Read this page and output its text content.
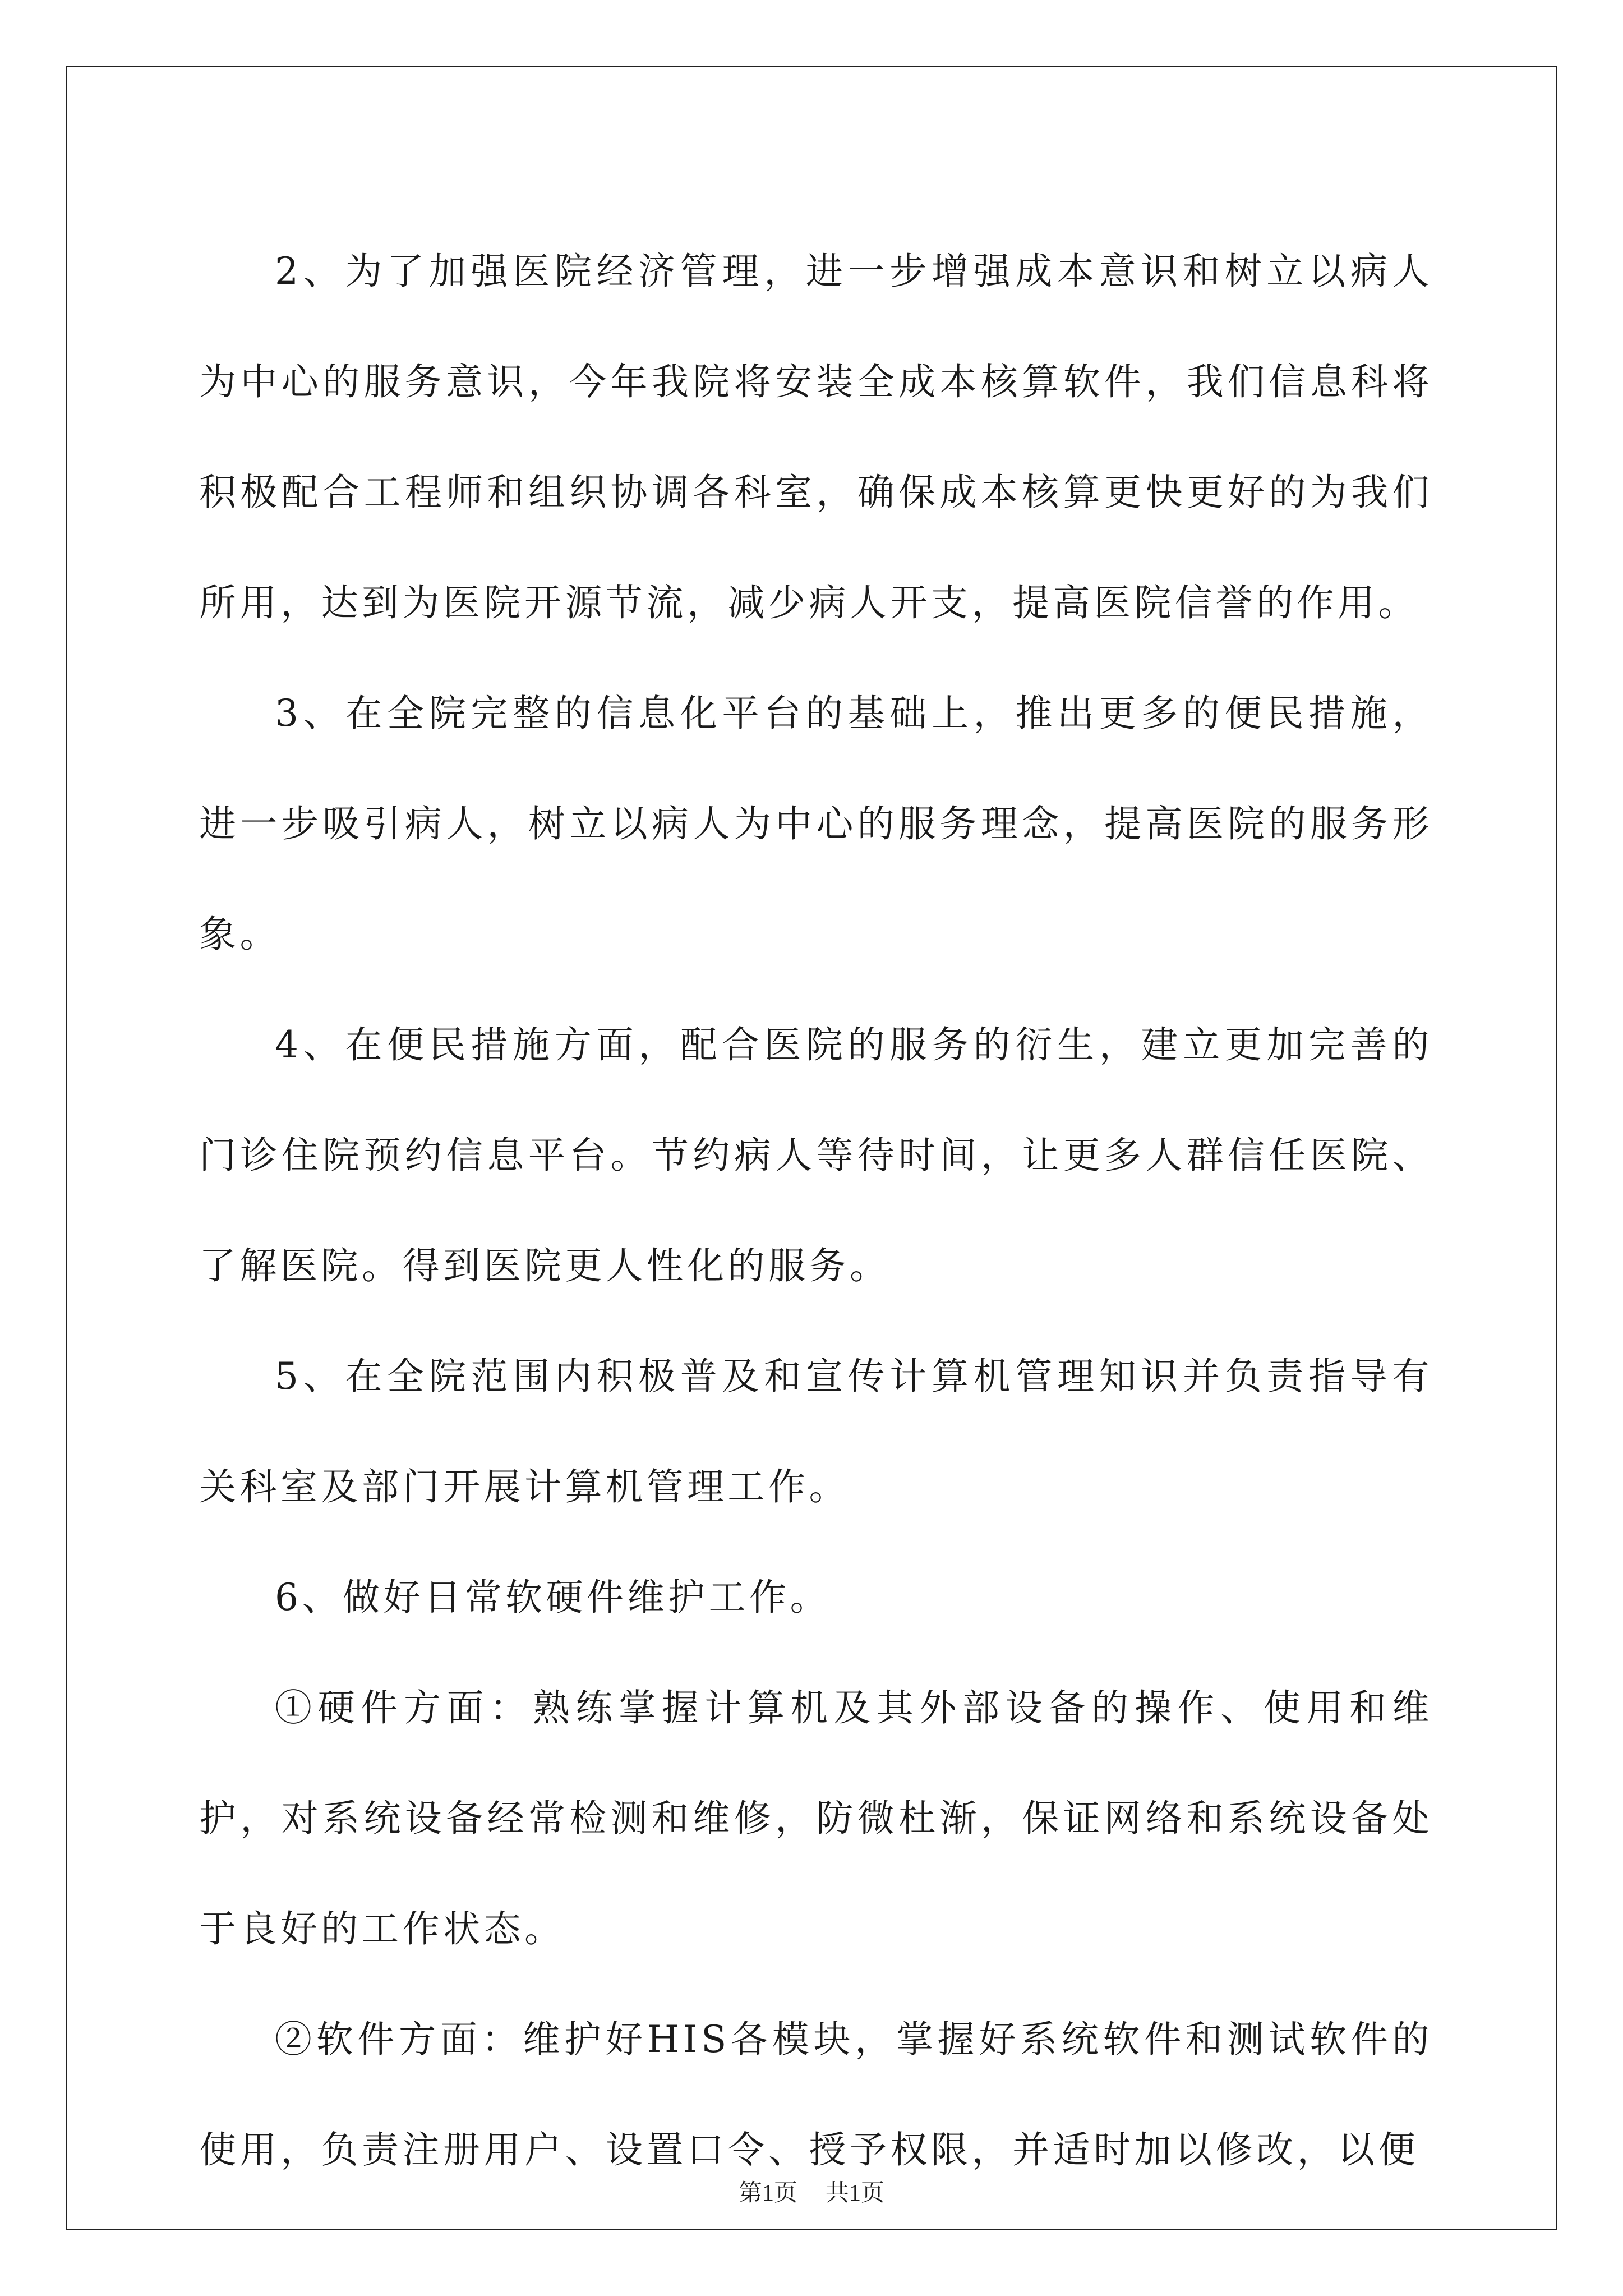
2、为了加强医院经济管理，进一步增强成本意识和树立以病人为中心的服务意识，今年我院将安装全成本核算软件，我们信息科将积极配合工程师和组织协调各科室，确保成本核算更快更好的为我们所用，达到为医院开源节流，减少病人开支，提高医院信誉的作用。

3、在全院完整的信息化平台的基础上，推出更多的便民措施，进一步吸引病人，树立以病人为中心的服务理念，提高医院的服务形象。

4、在便民措施方面，配合医院的服务的衍生，建立更加完善的门诊住院预约信息平台。节约病人等待时间，让更多人群信任医院、了解医院。得到医院更人性化的服务。

5、在全院范围内积极普及和宣传计算机管理知识并负责指导有关科室及部门开展计算机管理工作。

6、做好日常软硬件维护工作。

①硬件方面：熟练掌握计算机及其外部设备的操作、使用和维护，对系统设备经常检测和维修，防微杜渐，保证网络和系统设备处于良好的工作状态。

②软件方面：维护好HIS各模块，掌握好系统软件和测试软件的使用，负责注册用户、设置口令、授予权限，并适时加以修改，以便

第1页 共1页
